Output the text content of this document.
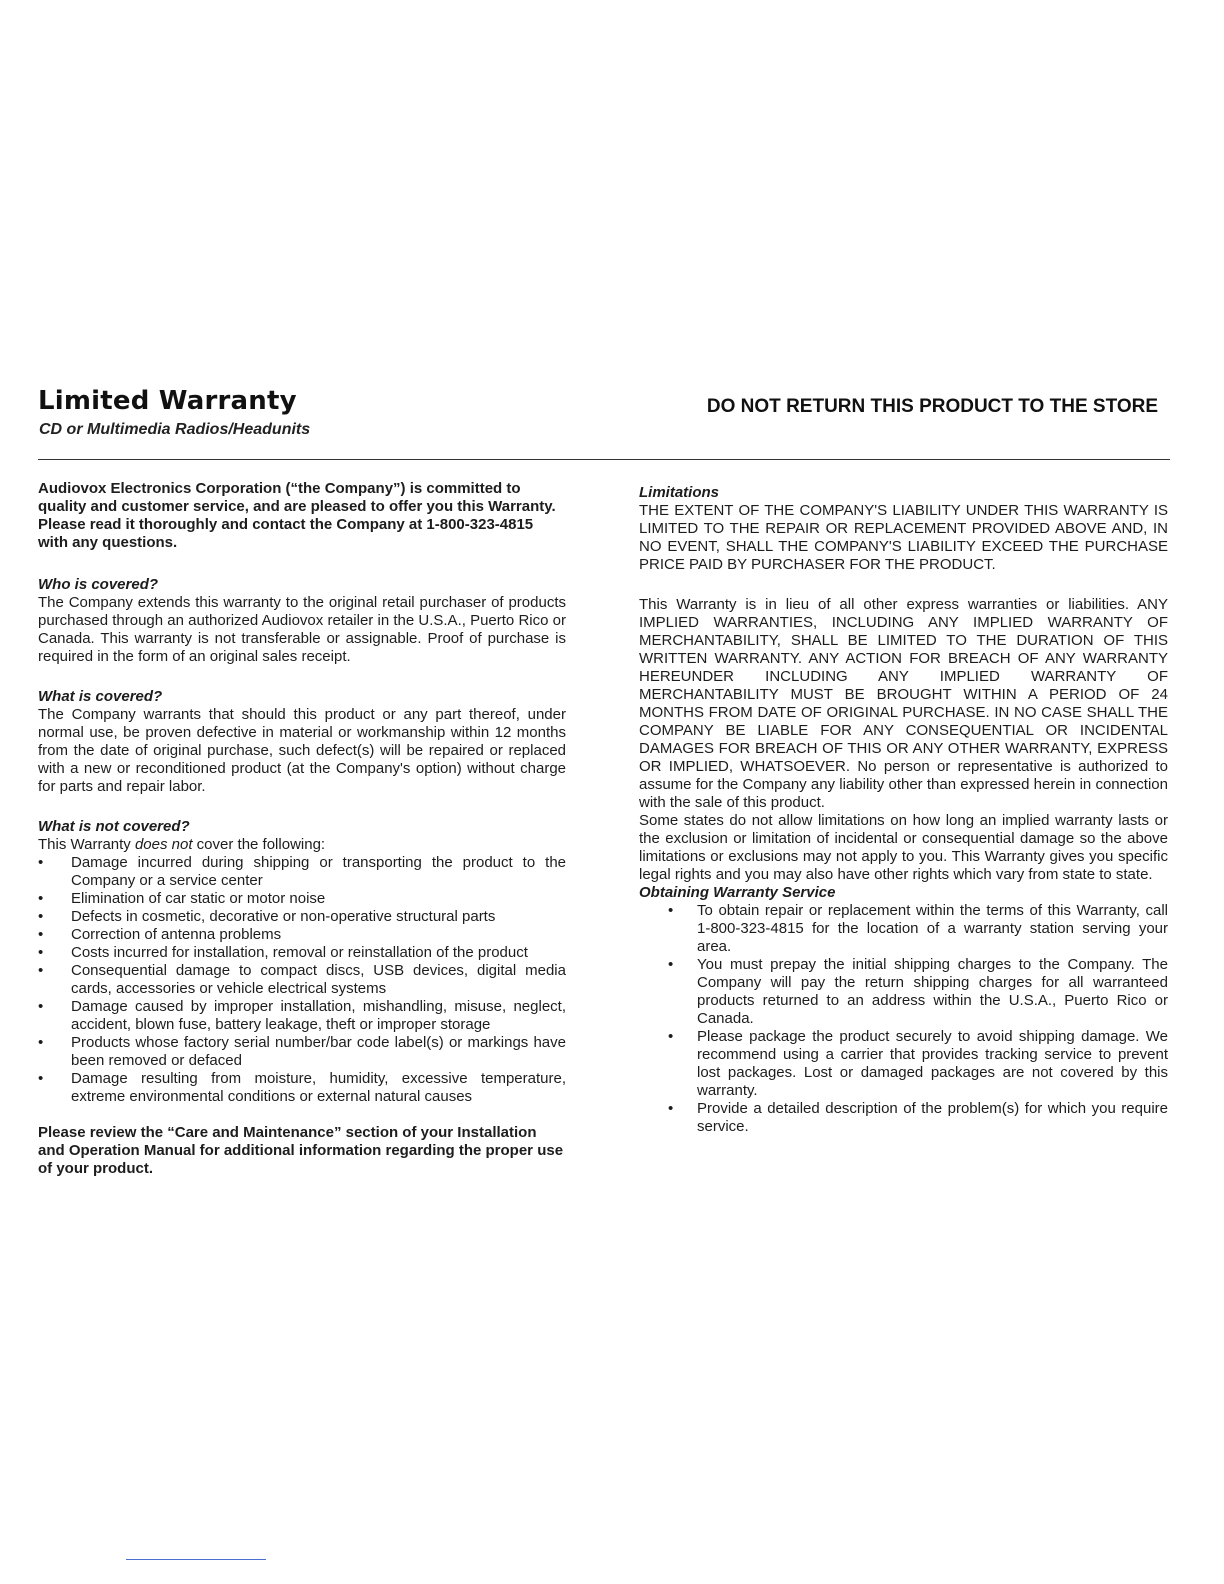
Limited Warranty
CD or Multimedia Radios/Headunits
DO NOT RETURN THIS PRODUCT TO THE STORE

Audiovox Electronics Corporation (“the Company”) is committed to quality and customer service, and are pleased to offer you this Warranty. Please read it thoroughly and contact the Company at 1-800-323-4815 with any questions.

Who is covered?

The Company extends this warranty to the original retail purchaser of products purchased through an authorized Audiovox retailer in the U.S.A., Puerto Rico or Canada. This warranty is not transferable or assignable. Proof of purchase is required in the form of an original sales receipt.

What is covered?

The Company warrants that should this product or any part thereof, under normal use, be proven defective in material or workmanship within 12 months from the date of original purchase, such defect(s) will be repaired or replaced with a new or reconditioned product (at the Company's option) without charge for parts and repair labor.

What is not covered?

This Warranty does not cover the following:

• Damage incurred during shipping or transporting the product to the Company or a service center
• Elimination of car static or motor noise
• Defects in cosmetic, decorative or non-operative structural parts
• Correction of antenna problems
• Costs incurred for installation, removal or reinstallation of the product
• Consequential damage to compact discs, USB devices, digital media cards, accessories or vehicle electrical systems
• Damage caused by improper installation, mishandling, misuse, neglect, accident, blown fuse, battery leakage, theft or improper storage
• Products whose factory serial number/bar code label(s) or markings have been removed or defaced
• Damage resulting from moisture, humidity, excessive temperature, extreme environmental conditions or external natural causes

Please review the “Care and Maintenance” section of your Installation and Operation Manual for additional information regarding the proper use of your product.

Limitations

THE EXTENT OF THE COMPANY'S LIABILITY UNDER THIS WARRANTY IS LIMITED TO THE REPAIR OR REPLACEMENT PROVIDED ABOVE AND, IN NO EVENT, SHALL THE COMPANY'S LIABILITY EXCEED THE PURCHASE PRICE PAID BY PURCHASER FOR THE PRODUCT.

This Warranty is in lieu of all other express warranties or liabilities. ANY IMPLIED WARRANTIES, INCLUDING ANY IMPLIED WARRANTY OF MERCHANTABILITY, SHALL BE LIMITED TO THE DURATION OF THIS WRITTEN WARRANTY. ANY ACTION FOR BREACH OF ANY WARRANTY HEREUNDER INCLUDING ANY IMPLIED WARRANTY OF MERCHANTABILITY MUST BE BROUGHT WITHIN A PERIOD OF 24 MONTHS FROM DATE OF ORIGINAL PURCHASE. IN NO CASE SHALL THE COMPANY BE LIABLE FOR ANY CONSEQUENTIAL OR INCIDENTAL DAMAGES FOR BREACH OF THIS OR ANY OTHER WARRANTY, EXPRESS OR IMPLIED, WHATSOEVER. No person or representative is authorized to assume for the Company any liability other than expressed herein in connection with the sale of this product.

Some states do not allow limitations on how long an implied warranty lasts or the exclusion or limitation of incidental or consequential damage so the above limitations or exclusions may not apply to you. This Warranty gives you specific legal rights and you may also have other rights which vary from state to state.

Obtaining Warranty Service

• To obtain repair or replacement within the terms of this Warranty, call 1-800-323-4815 for the location of a warranty station serving your area.
• You must prepay the initial shipping charges to the Company. The Company will pay the return shipping charges for all warranteed products returned to an address within the U.S.A., Puerto Rico or Canada.
• Please package the product securely to avoid shipping damage. We recommend using a carrier that provides tracking service to prevent lost packages. Lost or damaged packages are not covered by this warranty.
• Provide a detailed description of the problem(s) for which you require service.
